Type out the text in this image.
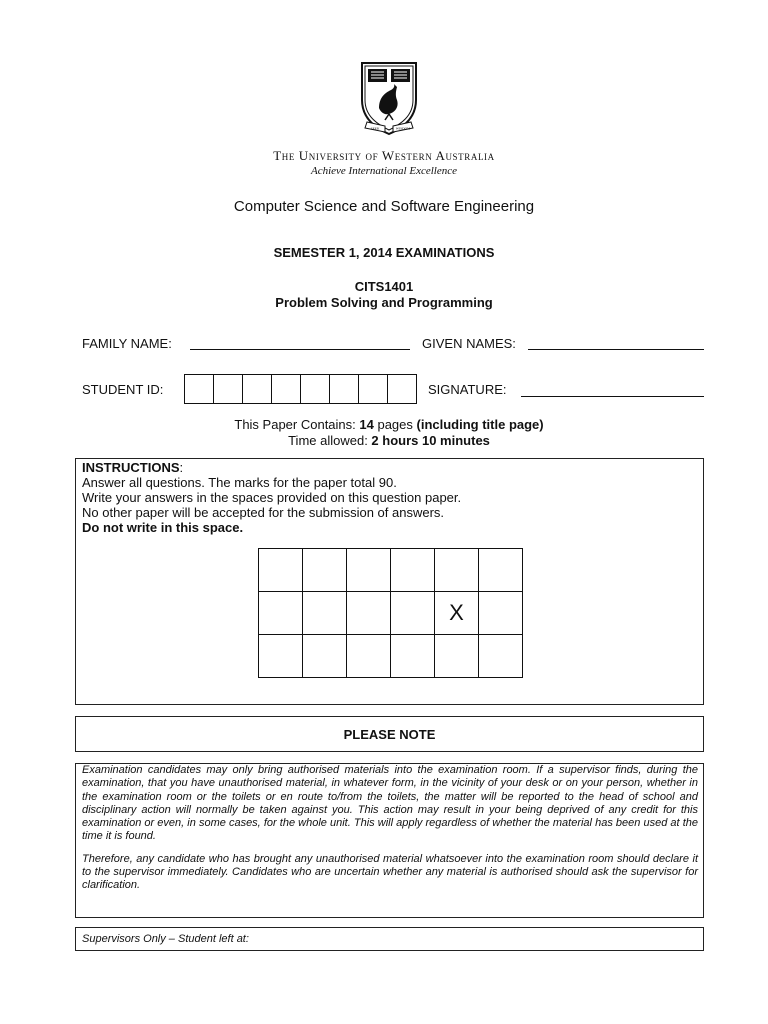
SEEK	WISDOM
The University of Western Australia
Achieve International Excellence
Computer Science and Software Engineering
SEMESTER 1, 2014 EXAMINATIONS
CITS1401
Problem Solving and Programming
FAMILY NAME:	GIVEN NAMES:
STUDENT ID:	SIGNATURE:
This Paper Contains: 14 pages (including title page)
Time allowed: 2 hours 10 minutes
INSTRUCTIONS:
Answer all questions. The marks for the paper total 90.
Write your answers in the spaces provided on this question paper.
No other paper will be accepted for the submission of answers.
Do not write in this space.

				X	

PLEASE NOTE

Examination candidates may only bring authorised materials into the examination room. If a supervisor finds, during the examination, that you have unauthorised material, in whatever form, in the vicinity of your desk or on your person, whether in the examination room or the toilets or en route to/from the toilets, the matter will be reported to the head of school and disciplinary action will normally be taken against you. This action may result in your being deprived of any credit for this examination or even, in some cases, for the whole unit. This will apply regardless of whether the material has been used at the time it is found.

Therefore, any candidate who has brought any unauthorised material whatsoever into the examination room should declare it to the supervisor immediately. Candidates who are uncertain whether any material is authorised should ask the supervisor for clarification.

Supervisors Only – Student left at:
